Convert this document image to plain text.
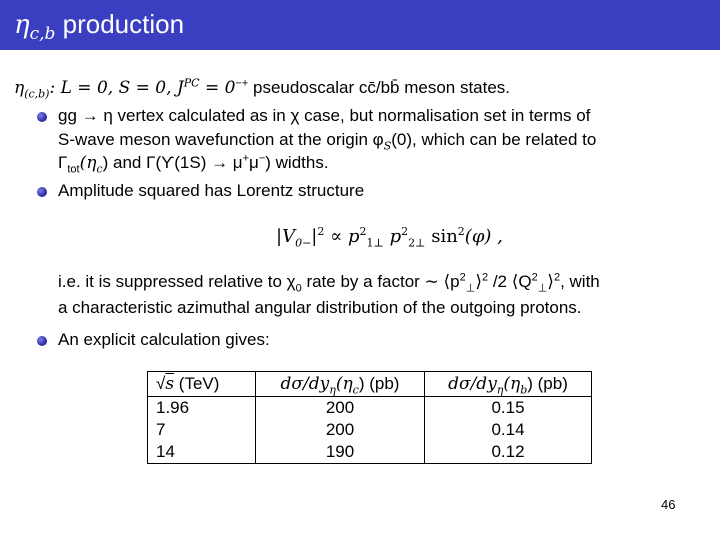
$\eta_{c,b}$ production
$\eta_{(c,b)}$: L = 0, S = 0, $J^{PC} = 0^{-+}$ pseudoscalar cc̄/bb̄ meson states.
gg → η vertex calculated as in χ case, but normalisation set in terms of
S-wave meson wavefunction at the origin $\varphi_S(0)$, which can be related to
$\Gamma_{tot}(\eta_c)$ and Γ(ϒ(1S) → μ+μ−) widths.
Amplitude squared has Lorentz structure
$|V_{0-}|^2 \propto p^2_{1\perp}$ $p^2_{2\perp}$ $\sin^2(\varphi)$ ,
i.e. it is suppressed relative to $\chi_0$ rate by a factor ∼ $⟨p^2_\perp⟩^2$ /2 $⟨Q^2_\perp⟩^2$, with
a characteristic azimuthal angular distribution of the outgoing protons.
An explicit calculation gives:
√s (TeV)	$d\sigma/dy_\eta(\eta_c)$ (pb)	$d\sigma/dy_\eta(\eta_b)$ (pb)
1.96	200	0.15
7	200	0.14
14	190	0.12
46
